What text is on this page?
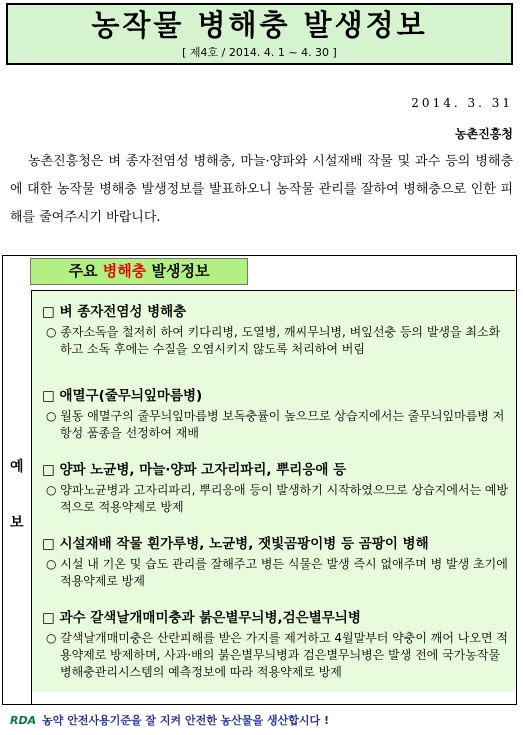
농작물 병해충 발생정보
[ 제4호 / 2014. 4. 1 ~ 4. 30 ]
2014. 3. 31
농촌진흥청
농촌진흥청은 벼 종자전염성 병해충, 마늘·양파와 시설재배 작물 및 과수 등의 병해충에 대한 농작물 병해충 발생정보를 발표하오니 농작물 관리를 잘하여 병해충으로 인한 피해를 줄여주시기 바랍니다.
주요 병해충 발생정보
예
보
□ 벼 종자전염성 병해충
○ 종자소독을 철저히 하여 키다리병, 도열병, 깨씨무늬병, 벼잎선충 등의 발생을 최소화하고 소독 후에는 수질을 오염시키지 않도록 처리하여 버림
□ 애멸구(줄무늬잎마름병)
○ 월동 애멸구의 줄무늬잎마름병 보독충률이 높으므로 상습지에서는 줄무늬잎마름병 저항성 품종을 선정하여 재배
□ 양파 노균병, 마늘·양파 고자리파리, 뿌리응애 등
○ 양파노균병과 고자리파리, 뿌리응애 등이 발생하기 시작하였으므로 상습지에서는 예방적으로 적용약제로 방제
□ 시설재배 작물 흰가루병, 노균병, 잿빛곰팡이병 등 곰팡이 병해
○ 시설 내 기온 및 습도 관리를 잘해주고 병든 식물은 발생 즉시 없애주며 병 발생 초기에 적용약제로 방제
□ 과수 갈색날개매미충과 붉은별무늬병,검은별무늬병
○ 갈색날개매미충은 산란피해를 받은 가지를 제거하고 4월말부터 약충이 깨어 나오면 적용약제로 방제하며, 사과·배의 붉은별무늬병과 검은별무늬병은 발생 전에 국가농작물병해충관리시스템의 예측정보에 따라 적용약제로 방제
RDA 농약 안전사용기준을 잘 지켜 안전한 농산물을 생산합시다 !
